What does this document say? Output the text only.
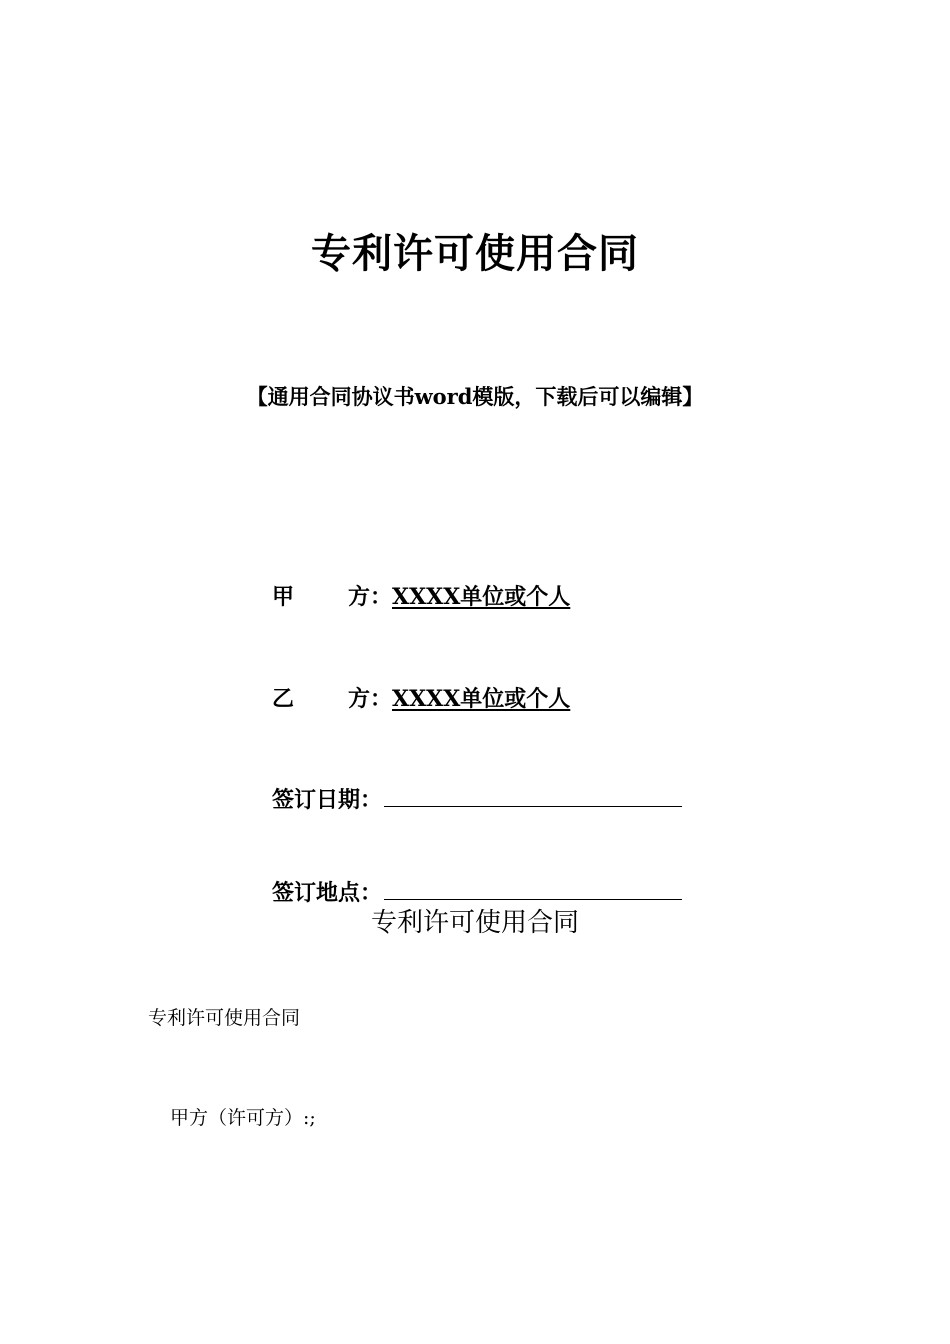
专利许可使用合同
【通用合同协议书word模版，下载后可以编辑】
甲 方： XXXX单位或个人
乙 方： XXXX单位或个人
签订日期：
签订地点：
专利许可使用合同
专利许可使用合同
甲方（许可方）:;
